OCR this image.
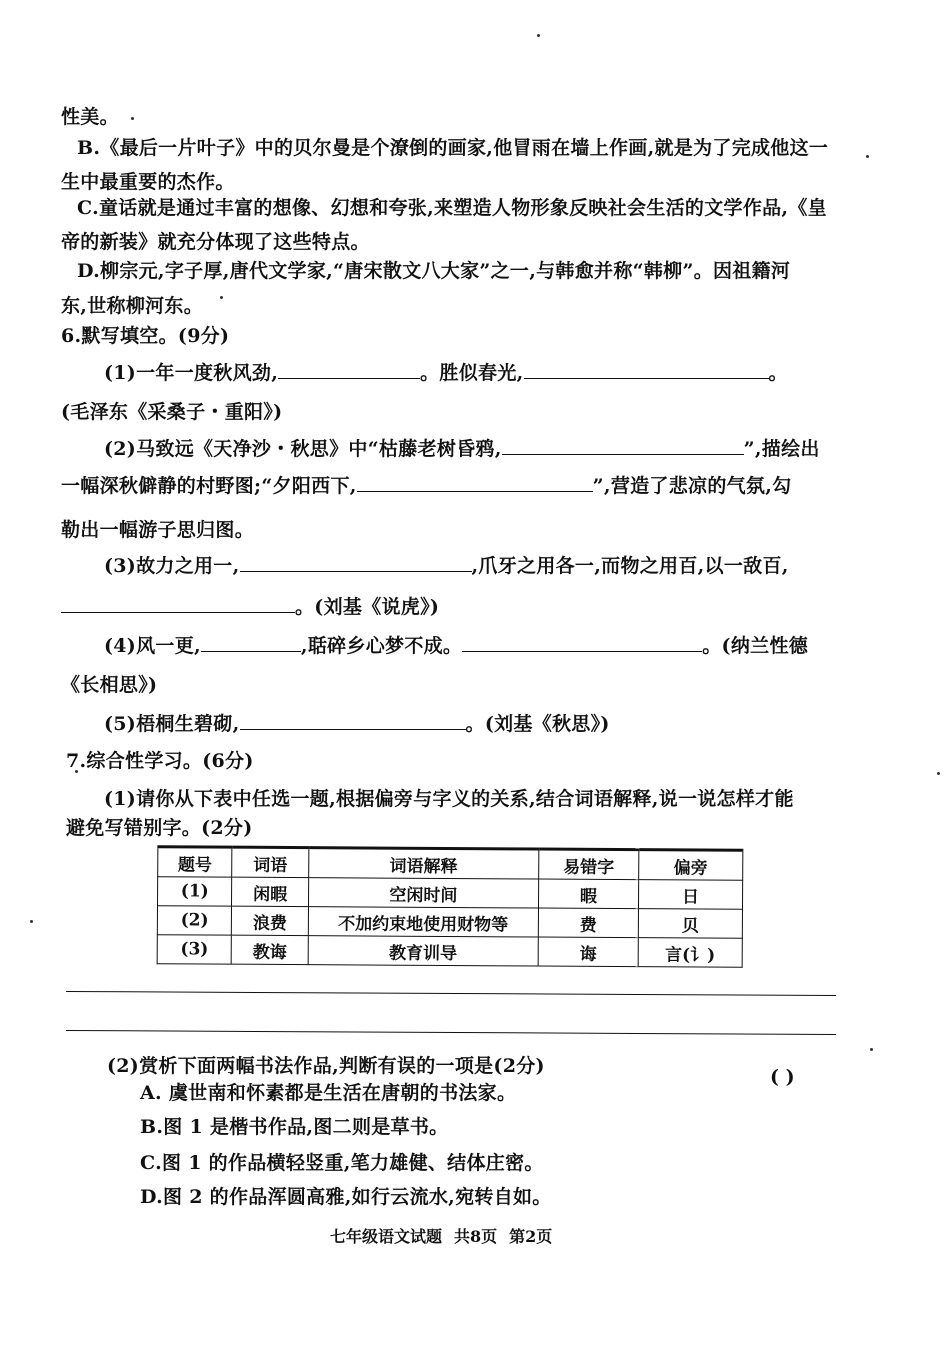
性美。
B.《最后一片叶子》中的贝尔曼是个潦倒的画家,他冒雨在墙上作画,就是为了完成他这一
生中最重要的杰作。
C.童话就是通过丰富的想像、幻想和夸张,来塑造人物形象反映社会生活的文学作品,《皇
帝的新装》就充分体现了这些特点。
D.柳宗元,字子厚,唐代文学家,“唐宋散文八大家”之一,与韩愈并称“韩柳”。因祖籍河
东,世称柳河东。
6.默写填空。(9分)
(1)一年一度秋风劲,	。胜似春光,	。
(毛泽东《采桑子・重阳》)
(2)马致远《天净沙・秋思》中“枯藤老树昏鸦,	”,描绘出
一幅深秋僻静的村野图;“夕阳西下,	”,营造了悲凉的气氛,勾
勒出一幅游子思归图。
(3)故力之用一,	,爪牙之用各一,而物之用百,以一敌百,
。(刘基《说虎》)
(4)风一更,	,聒碎乡心梦不成。	。(纳兰性德
《长相思》)
(5)梧桐生碧砌,	。(刘基《秋思》)
7.综合性学习。(6分)
(1)请你从下表中任选一题,根据偏旁与字义的关系,结合词语解释,说一说怎样才能
避免写错别字。(2分)
题号	词语	词语解释	易错字	偏旁
(1)	闲暇	空闲时间	暇	日
(2)	浪费	不加约束地使用财物等	费	贝
(3)	教诲	教育训导	诲	言(讠)
(2)赏析下面两幅书法作品,判断有误的一项是(2分)	( )
A. 虞世南和怀素都是生活在唐朝的书法家。
B.图 1 是楷书作品,图二则是草书。
C.图 1 的作品横轻竖重,笔力雄健、结体庄密。
D.图 2 的作品浑圆高雅,如行云流水,宛转自如。
七年级语文试题 共8页 第2页
